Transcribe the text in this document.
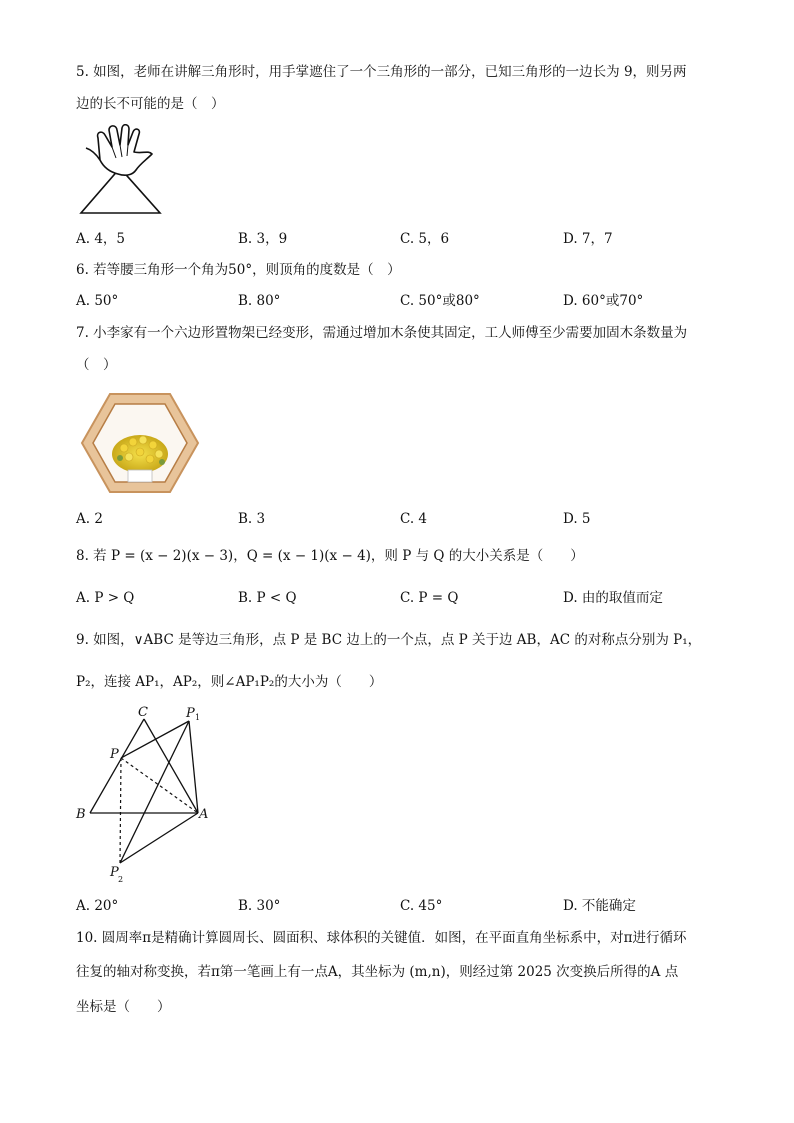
5. 如图，老师在讲解三角形时，用手掌遮住了一个三角形的一部分，已知三角形的一边长为 9，则另两
边的长不可能的是（　）
A. 4，5	B. 3，9	C. 5，6	D. 7，7
6. 若等腰三角形一个角为50°，则顶角的度数是（　）
A. 50°	B. 80°	C. 50°或80°	D. 60°或70°
7. 小李家有一个六边形置物架已经变形，需通过增加木条使其固定，工人师傅至少需要加固木条数量为
（　）
A. 2	B. 3	C. 4	D. 5
8. 若 P = (x − 2)(x − 3)，Q = (x − 1)(x − 4)，则 P 与 Q 的大小关系是（　　）
A. P > Q	B. P < Q	C. P = Q	D. 由的取值而定
9. 如图，∨ABC 是等边三角形，点 P 是 BC 边上的一个点，点 P 关于边 AB，AC 的对称点分别为 P₁，
P₂，连接 AP₁，AP₂，则∠AP₁P₂的大小为（　　）
C
P
P 1
B	A
P 2
A. 20°	B. 30°	C. 45°	D. 不能确定
10. 圆周率π是精确计算圆周长、圆面积、球体积的关键值．如图，在平面直角坐标系中，对π进行循环
往复的轴对称变换，若π第一笔画上有一点A，其坐标为 (m,n)，则经过第 2025 次变换后所得的A 点
坐标是（　　）
